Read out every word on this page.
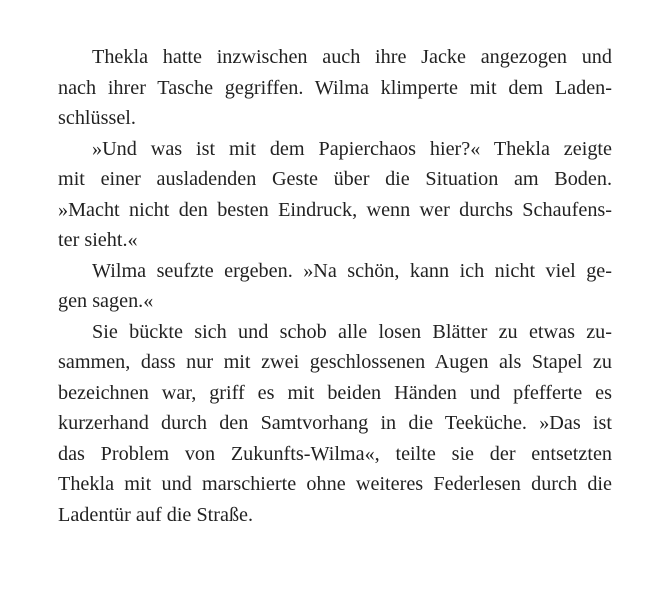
Thekla hatte inzwischen auch ihre Jacke angezogen und
nach ihrer Tasche gegriffen. Wilma klimperte mit dem Laden-
schlüssel.
»Und was ist mit dem Papierchaos hier?« Thekla zeigte
mit einer ausladenden Geste über die Situation am Boden.
»Macht nicht den besten Eindruck, wenn wer durchs Schaufens-
ter sieht.«
Wilma seufzte ergeben. »Na schön, kann ich nicht viel ge-
gen sagen.«
Sie bückte sich und schob alle losen Blätter zu etwas zu-
sammen, dass nur mit zwei geschlossenen Augen als Stapel zu
bezeichnen war, griff es mit beiden Händen und pfefferte es
kurzerhand durch den Samtvorhang in die Teeküche. »Das ist
das Problem von Zukunfts-Wilma«, teilte sie der entsetzten
Thekla mit und marschierte ohne weiteres Federlesen durch die
Ladentür auf die Straße.
